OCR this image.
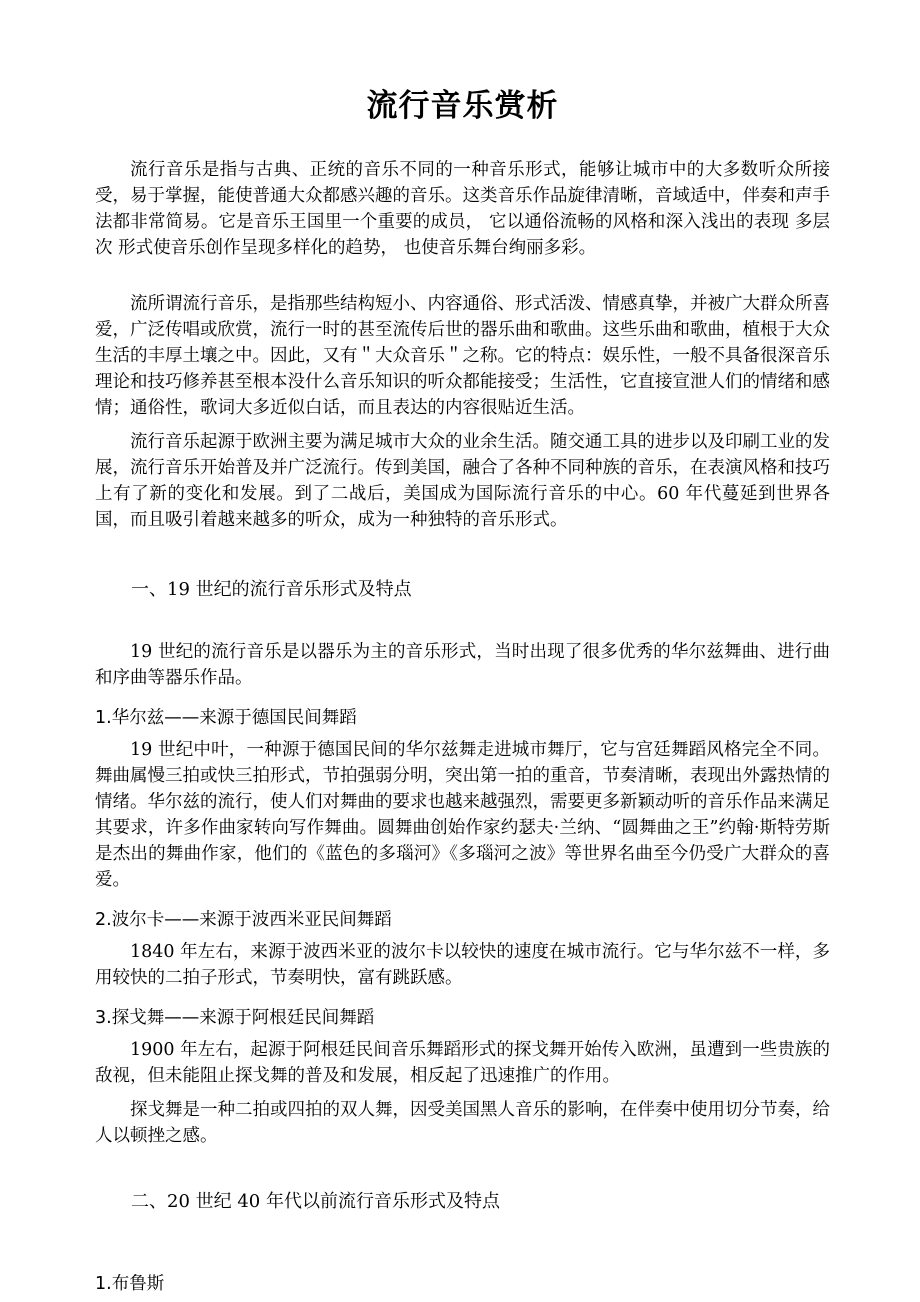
流行音乐赏析

流行音乐是指与古典、正统的音乐不同的一种音乐形式，能够让城市中的大多数听众所接受，易于掌握，能使普通大众都感兴趣的音乐。这类音乐作品旋律清晰，音域适中，伴奏和声手法都非常简易。它是音乐王国里一个重要的成员， 它以通俗流畅的风格和深入浅出的表现 多层次 形式使音乐创作呈现多样化的趋势， 也使音乐舞台绚丽多彩。

流所谓流行音乐，是指那些结构短小、内容通俗、形式活泼、情感真挚，并被广大群众所喜爱，广泛传唱或欣赏，流行一时的甚至流传后世的器乐曲和歌曲。这些乐曲和歌曲，植根于大众生活的丰厚土壤之中。因此，又有＂大众音乐＂之称。它的特点：娱乐性，一般不具备很深音乐理论和技巧修养甚至根本没什么音乐知识的听众都能接受；生活性，它直接宣泄人们的情绪和感情；通俗性，歌词大多近似白话，而且表达的内容很贴近生活。

流行音乐起源于欧洲主要为满足城市大众的业余生活。随交通工具的进步以及印刷工业的发展，流行音乐开始普及并广泛流行。传到美国，融合了各种不同种族的音乐，在表演风格和技巧上有了新的变化和发展。到了二战后，美国成为国际流行音乐的中心。60 年代蔓延到世界各国，而且吸引着越来越多的听众，成为一种独特的音乐形式。

一、19 世纪的流行音乐形式及特点

19 世纪的流行音乐是以器乐为主的音乐形式，当时出现了很多优秀的华尔兹舞曲、进行曲和序曲等器乐作品。

1.华尔兹——来源于德国民间舞蹈

19 世纪中叶，一种源于德国民间的华尔兹舞走进城市舞厅，它与宫廷舞蹈风格完全不同。舞曲属慢三拍或快三拍形式，节拍强弱分明，突出第一拍的重音，节奏清晰，表现出外露热情的情绪。华尔兹的流行，使人们对舞曲的要求也越来越强烈，需要更多新颖动听的音乐作品来满足其要求，许多作曲家转向写作舞曲。圆舞曲创始作家约瑟夫·兰纳、“圆舞曲之王”约翰·斯特劳斯是杰出的舞曲作家，他们的《蓝色的多瑙河》《多瑙河之波》等世界名曲至今仍受广大群众的喜爱。

2.波尔卡——来源于波西米亚民间舞蹈

1840 年左右，来源于波西米亚的波尔卡以较快的速度在城市流行。它与华尔兹不一样，多用较快的二拍子形式，节奏明快，富有跳跃感。

3.探戈舞——来源于阿根廷民间舞蹈

1900 年左右，起源于阿根廷民间音乐舞蹈形式的探戈舞开始传入欧洲，虽遭到一些贵族的敌视，但未能阻止探戈舞的普及和发展，相反起了迅速推广的作用。

探戈舞是一种二拍或四拍的双人舞，因受美国黑人音乐的影响，在伴奏中使用切分节奏，给人以顿挫之感。

二、20 世纪 40 年代以前流行音乐形式及特点

1.布鲁斯
